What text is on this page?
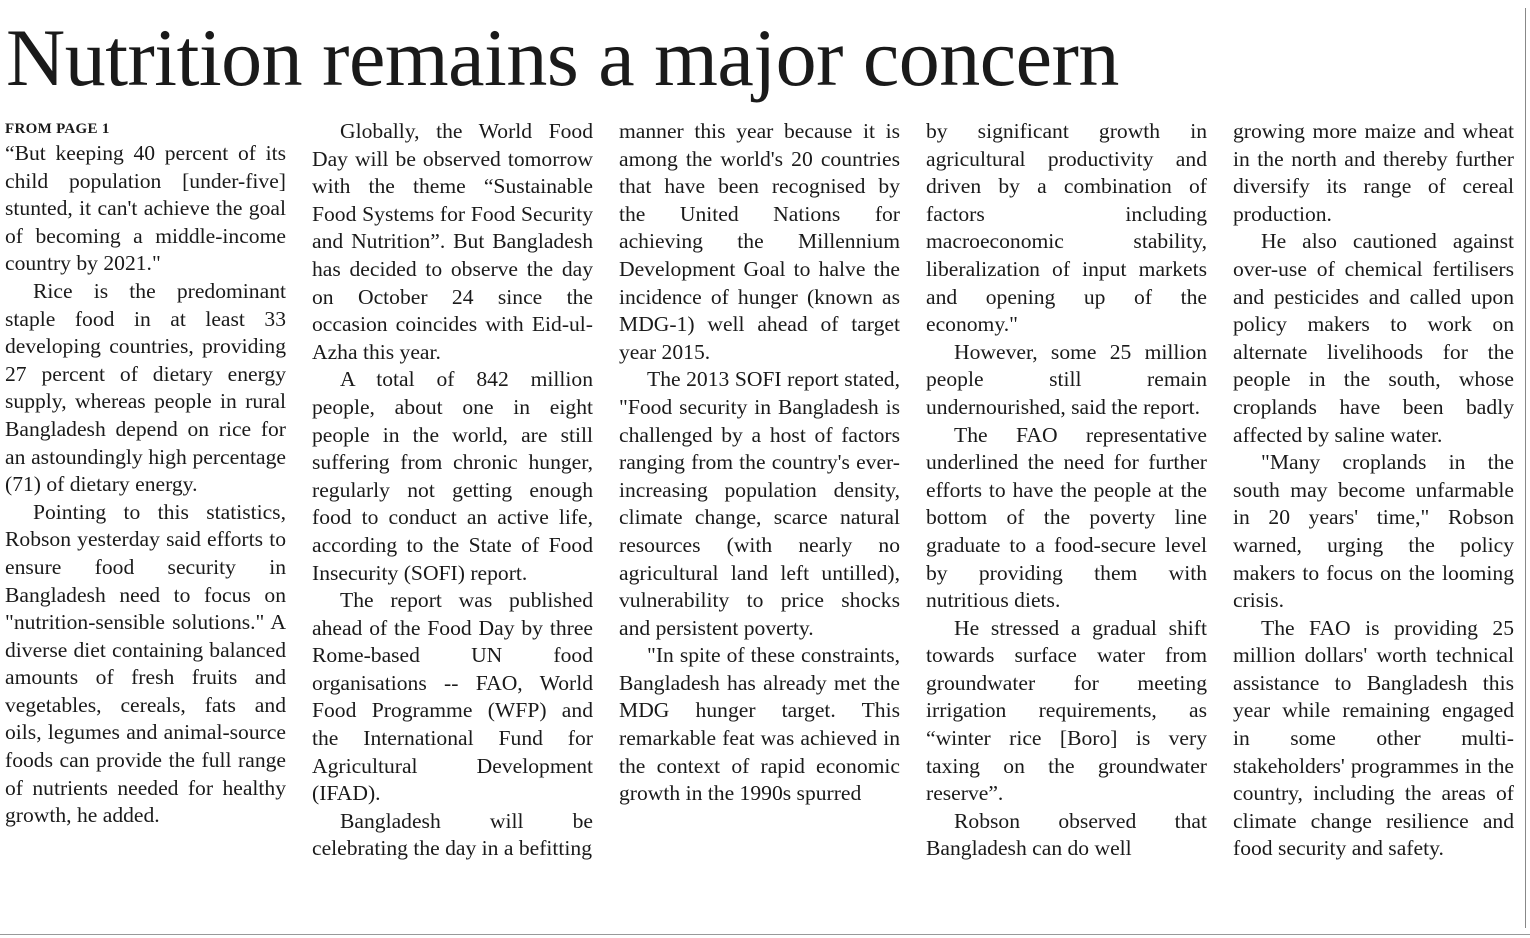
Nutrition remains a major concern
FROM PAGE 1

“But keeping 40 percent of its child population [under-five] stunted, it can't achieve the goal of becoming a middle-income country by 2021."

Rice is the predominant staple food in at least 33 developing countries, providing 27 percent of dietary energy supply, whereas people in rural Bangladesh depend on rice for an astoundingly high percentage (71) of dietary energy.

Pointing to this statistics, Robson yesterday said efforts to ensure food security in Bangladesh need to focus on "nutrition-sensible solutions." A diverse diet containing balanced amounts of fresh fruits and vegetables, cereals, fats and oils, legumes and animal-source foods can provide the full range of nutrients needed for healthy growth, he added.

Globally, the World Food Day will be observed tomorrow with the theme “Sustainable Food Systems for Food Security and Nutrition”. But Bangladesh has decided to observe the day on October 24 since the occasion coincides with Eid-ul-Azha this year.

A total of 842 million people, about one in eight people in the world, are still suffering from chronic hunger, regularly not getting enough food to conduct an active life, according to the State of Food Insecurity (SOFI) report.

The report was published ahead of the Food Day by three Rome-based UN food organisations -- FAO, World Food Programme (WFP) and the International Fund for Agricultural Development (IFAD).

Bangladesh will be celebrating the day in a befitting

manner this year because it is among the world's 20 countries that have been recognised by the United Nations for achieving the Millennium Development Goal to halve the incidence of hunger (known as MDG-1) well ahead of target year 2015.

The 2013 SOFI report stated, "Food security in Bangladesh is challenged by a host of factors ranging from the country's ever-increasing population density, climate change, scarce natural resources (with nearly no agricultural land left untilled), vulnerability to price shocks and persistent poverty.

"In spite of these constraints, Bangladesh has already met the MDG hunger target. This remarkable feat was achieved in the context of rapid economic growth in the 1990s spurred

by significant growth in agricultural productivity and driven by a combination of factors including macroeconomic stability, liberalization of input markets and opening up of the economy."

However, some 25 million people still remain undernourished, said the report.

The FAO representative underlined the need for further efforts to have the people at the bottom of the poverty line graduate to a food-secure level by providing them with nutritious diets.

He stressed a gradual shift towards surface water from groundwater for meeting irrigation requirements, as “winter rice [Boro] is very taxing on the groundwater reserve”.

Robson observed that Bangladesh can do well

growing more maize and wheat in the north and thereby further diversify its range of cereal production.

He also cautioned against over-use of chemical fertilisers and pesticides and called upon policy makers to work on alternate livelihoods for the people in the south, whose croplands have been badly affected by saline water.

"Many croplands in the south may become unfarmable in 20 years' time," Robson warned, urging the policy makers to focus on the looming crisis.

The FAO is providing 25 million dollars' worth technical assistance to Bangladesh this year while remaining engaged in some other multi-stakeholders' programmes in the country, including the areas of climate change resilience and food security and safety.
